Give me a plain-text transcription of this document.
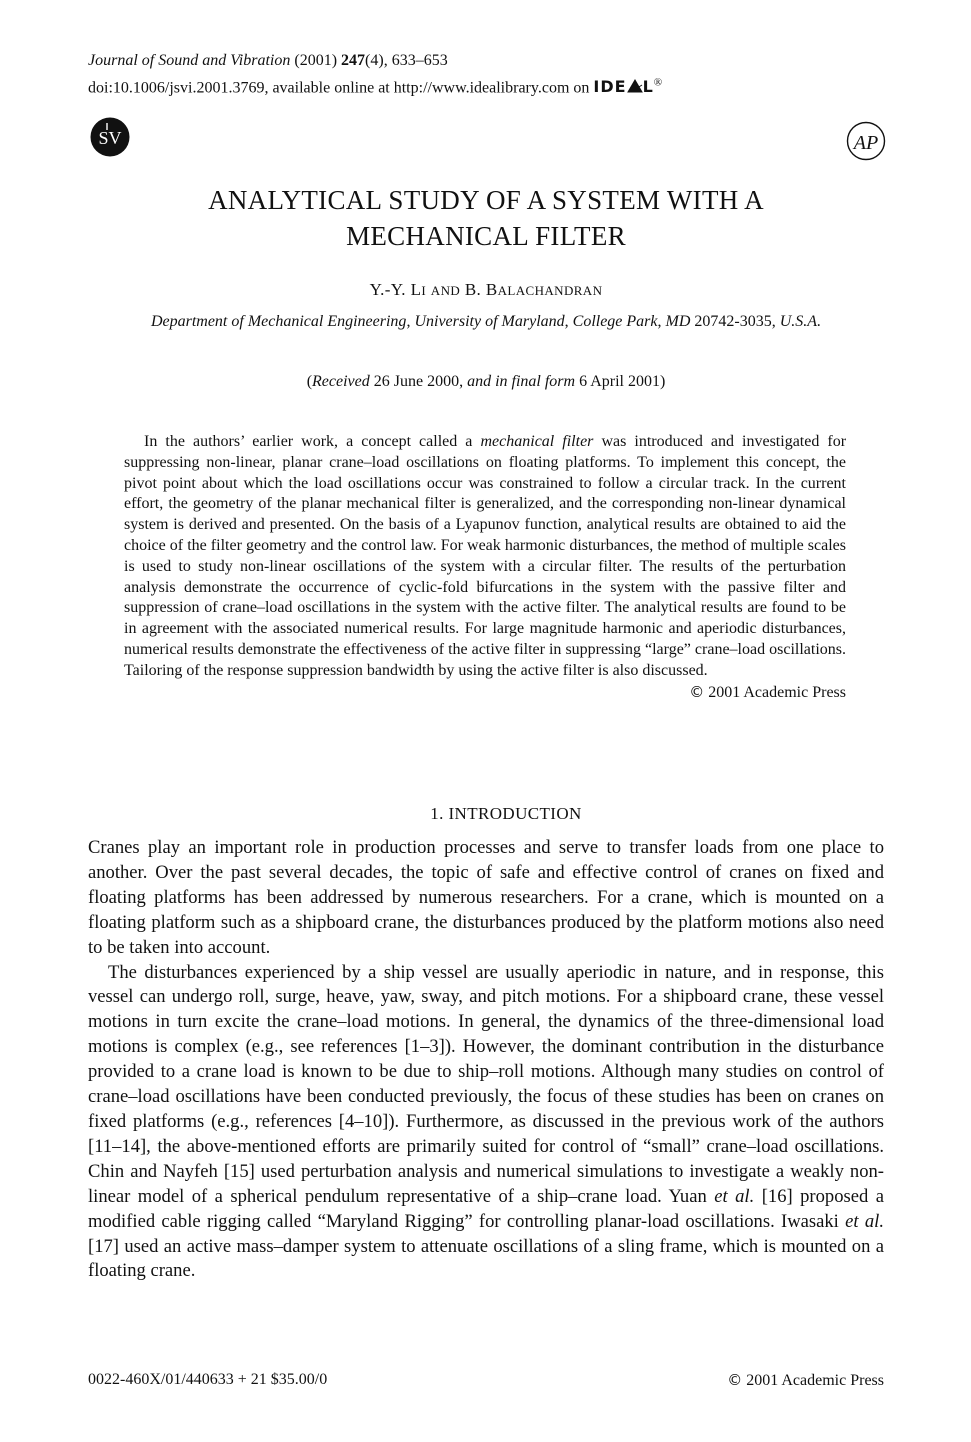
Journal of Sound and Vibration (2001) 247(4), 633–653
doi:10.1006/jsvi.2001.3769, available online at http://www.idealibrary.com on IDE L®
SV	AP
ANALYTICAL STUDY OF A SYSTEM WITH A
MECHANICAL FILTER
Y.-Y. LI AND B. BALACHANDRAN
Department of Mechanical Engineering, University of Maryland, College Park, MD 20742-3035, U.S.A.
(Received 26 June 2000, and in final form 6 April 2001)

In the authors’ earlier work, a concept called a mechanical filter was introduced and investigated for suppressing non-linear, planar crane–load oscillations on floating platforms. To implement this concept, the pivot point about which the load oscillations occur was constrained to follow a circular track. In the current effort, the geometry of the planar mechanical filter is generalized, and the corresponding non-linear dynamical system is derived and presented. On the basis of a Lyapunov function, analytical results are obtained to aid the choice of the filter geometry and the control law. For weak harmonic disturbances, the method of multiple scales is used to study non-linear oscillations of the system with a circular filter. The results of the perturbation analysis demonstrate the occurrence of cyclic-fold bifurcations in the system with the passive filter and suppression of crane–load oscillations in the system with the active filter. The analytical results are found to be in agreement with the associated numerical results. For large magnitude harmonic and aperiodic disturbances, numerical results demonstrate the effectiveness of the active filter in suppressing “large” crane–load oscillations. Tailoring of the response suppression bandwidth by using the active filter is also discussed.

© 2001 Academic Press

1. INTRODUCTION

Cranes play an important role in production processes and serve to transfer loads from one place to another. Over the past several decades, the topic of safe and effective control of cranes on fixed and floating platforms has been addressed by numerous researchers. For a crane, which is mounted on a floating platform such as a shipboard crane, the disturbances produced by the platform motions also need to be taken into account.

The disturbances experienced by a ship vessel are usually aperiodic in nature, and in response, this vessel can undergo roll, surge, heave, yaw, sway, and pitch motions. For a shipboard crane, these vessel motions in turn excite the crane–load motions. In general, the dynamics of the three-dimensional load motions is complex (e.g., see references [1–3]). However, the dominant contribution in the disturbance provided to a crane load is known to be due to ship–roll motions. Although many studies on control of crane–load oscillations have been conducted previously, the focus of these studies has been on cranes on fixed platforms (e.g., references [4–10]). Furthermore, as discussed in the previous work of the authors [11–14], the above-mentioned efforts are primarily suited for control of “small” crane–load oscillations. Chin and Nayfeh [15] used perturbation analysis and numerical simulations to investigate a weakly non-linear model of a spherical pendulum representative of a ship–crane load. Yuan et al. [16] proposed a modified cable rigging called “Maryland Rigging” for controlling planar-load oscillations. Iwasaki et al. [17] used an active mass–damper system to attenuate oscillations of a sling frame, which is mounted on a floating crane.

0022-460X/01/440633 + 21 $35.00/0	© 2001 Academic Press
